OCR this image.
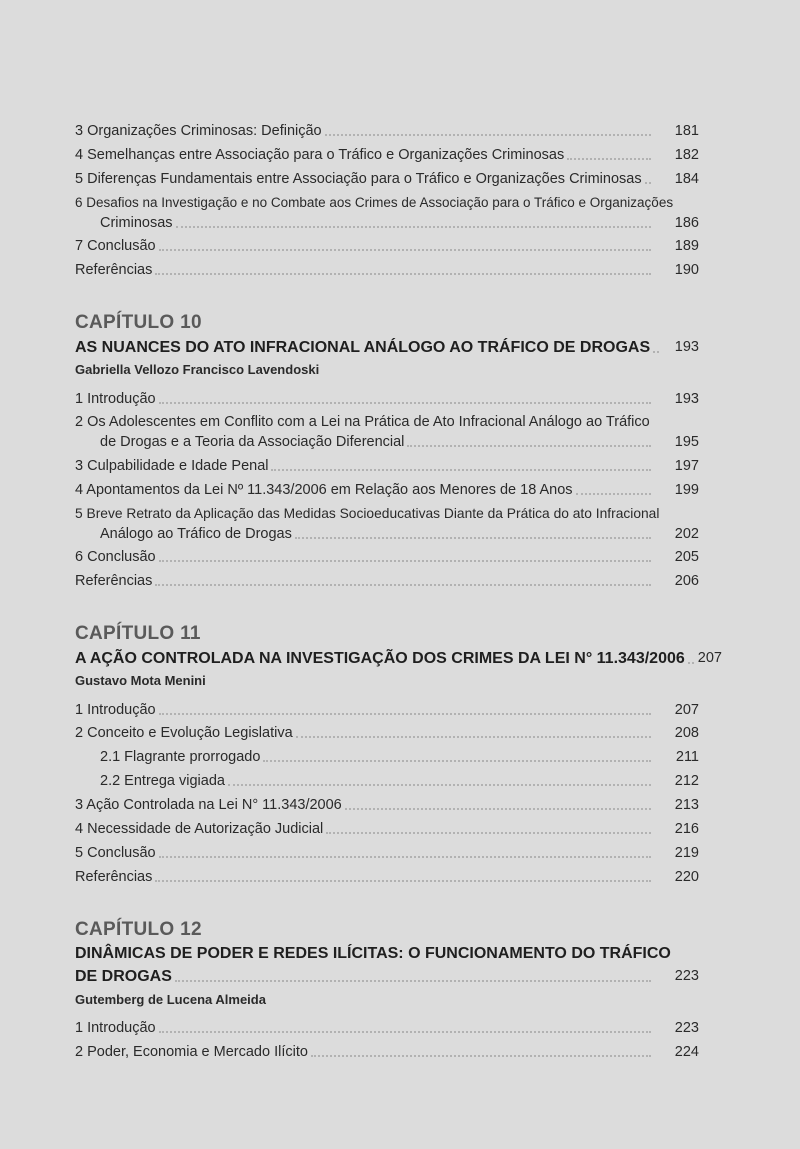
3 Organizações Criminosas: Definição	181
4 Semelhanças entre Associação para o Tráfico e Organizações Criminosas	182
5 Diferenças Fundamentais entre Associação para o Tráfico e Organizações Criminosas	184
6 Desafios na Investigação e no Combate aos Crimes de Associação para o Tráfico e Organizações
Criminosas	186
7 Conclusão	189
Referências	190
CAPÍTULO 10
AS NUANCES DO ATO INFRACIONAL ANÁLOGO AO TRÁFICO DE DROGAS	193
Gabriella Vellozo Francisco Lavendoski
1 Introdução	193
2 Os Adolescentes em Conflito com a Lei na Prática de Ato Infracional Análogo ao Tráfico
de Drogas e a Teoria da Associação Diferencial	195
3 Culpabilidade e Idade Penal	197
4 Apontamentos da Lei Nº 11.343/2006 em Relação aos Menores de 18 Anos	199
5 Breve Retrato da Aplicação das Medidas Socioeducativas Diante da Prática do ato Infracional
Análogo ao Tráfico de Drogas	202
6 Conclusão	205
Referências	206
CAPÍTULO 11
A AÇÃO CONTROLADA NA INVESTIGAÇÃO DOS CRIMES DA LEI N° 11.343/2006 207
Gustavo Mota Menini
1 Introdução	207
2 Conceito e Evolução Legislativa	208
2.1 Flagrante prorrogado	211
2.2 Entrega vigiada	212
3 Ação Controlada na Lei N° 11.343/2006	213
4 Necessidade de Autorização Judicial	216
5 Conclusão	219
Referências	220
CAPÍTULO 12
DINÂMICAS DE PODER E REDES ILÍCITAS: O FUNCIONAMENTO DO TRÁFICO
DE DROGAS	223
Gutemberg de Lucena Almeida
1 Introdução	223
2 Poder, Economia e Mercado Ilícito	224
